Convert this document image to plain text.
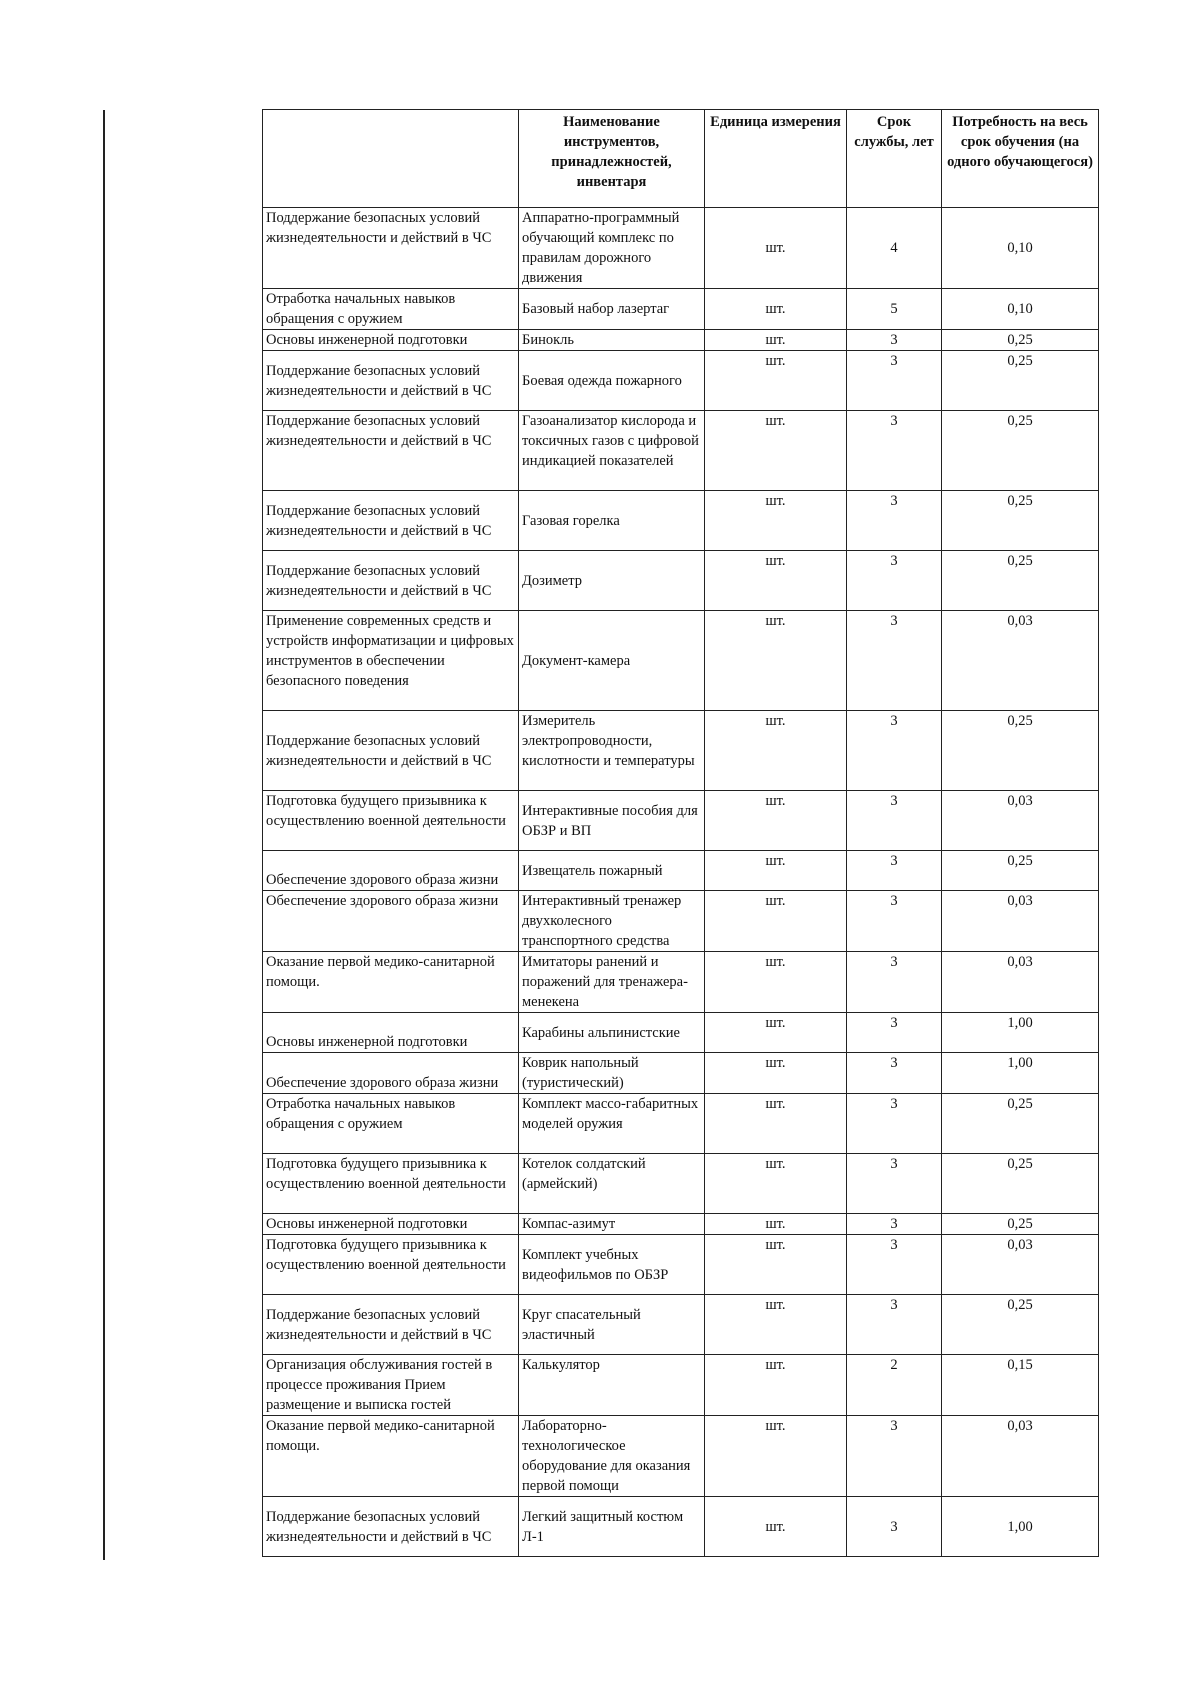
	Наименование инструментов, принадлежностей, инвентаря	Единица измерения	Срок службы, лет	Потребность на весь срок обучения (на одного обучающегося)
Поддержание безопасных условий жизнедеятельности и действий в ЧС	Аппаратно-программный обучающий комплекс по правилам дорожного движения	шт.	4	0,10
Отработка начальных навыков обращения с оружием	Базовый набор лазертаг	шт.	5	0,10
Основы инженерной подготовки	Бинокль	шт.	3	0,25
Поддержание безопасных условий жизнедеятельности и действий в ЧС	Боевая одежда пожарного	шт.	3	0,25
Поддержание безопасных условий жизнедеятельности и действий в ЧС	Газоанализатор кислорода и токсичных газов с цифровой индикацией показателей	шт.	3	0,25
Поддержание безопасных условий жизнедеятельности и действий в ЧС	Газовая горелка	шт.	3	0,25
Поддержание безопасных условий жизнедеятельности и действий в ЧС	Дозиметр	шт.	3	0,25
Применение современных средств и устройств информатизации и цифровых инструментов в обеспечении безопасного поведения	Документ-камера	шт.	3	0,03
Поддержание безопасных условий жизнедеятельности и действий в ЧС	Измеритель электропроводности, кислотности и температуры	шт.	3	0,25
Подготовка будущего призывника к осуществлению военной деятельности	Интерактивные пособия для ОБЗР и ВП	шт.	3	0,03
Обеспечение здорового образа жизни	Извещатель пожарный	шт.	3	0,25
Обеспечение здорового образа жизни	Интерактивный тренажер двухколесного транспортного средства	шт.	3	0,03
Оказание первой медико-санитарной помощи.	Имитаторы ранений и поражений для тренажера-менекена	шт.	3	0,03
Основы инженерной подготовки	Карабины альпинистские	шт.	3	1,00
Обеспечение здорового образа жизни	Коврик напольный (туристический)	шт.	3	1,00
Отработка начальных навыков обращения с оружием	Комплект массо-габаритных моделей оружия	шт.	3	0,25
Подготовка будущего призывника к осуществлению военной деятельности	Котелок солдатский (армейский)	шт.	3	0,25
Основы инженерной подготовки	Компас-азимут	шт.	3	0,25
Подготовка будущего призывника к осуществлению военной деятельности	Комплект учебных видеофильмов по ОБЗР	шт.	3	0,03
Поддержание безопасных условий жизнедеятельности и действий в ЧС	Круг спасательный эластичный	шт.	3	0,25
Организация обслуживания гостей в процессе проживания Прием размещение и выписка гостей	Калькулятор	шт.	2	0,15
Оказание первой медико-санитарной помощи.	Лабораторно-технологическое оборудование для оказания первой помощи	шт.	3	0,03
Поддержание безопасных условий жизнедеятельности и действий в ЧС	Легкий защитный костюм Л-1	шт.	3	1,00
